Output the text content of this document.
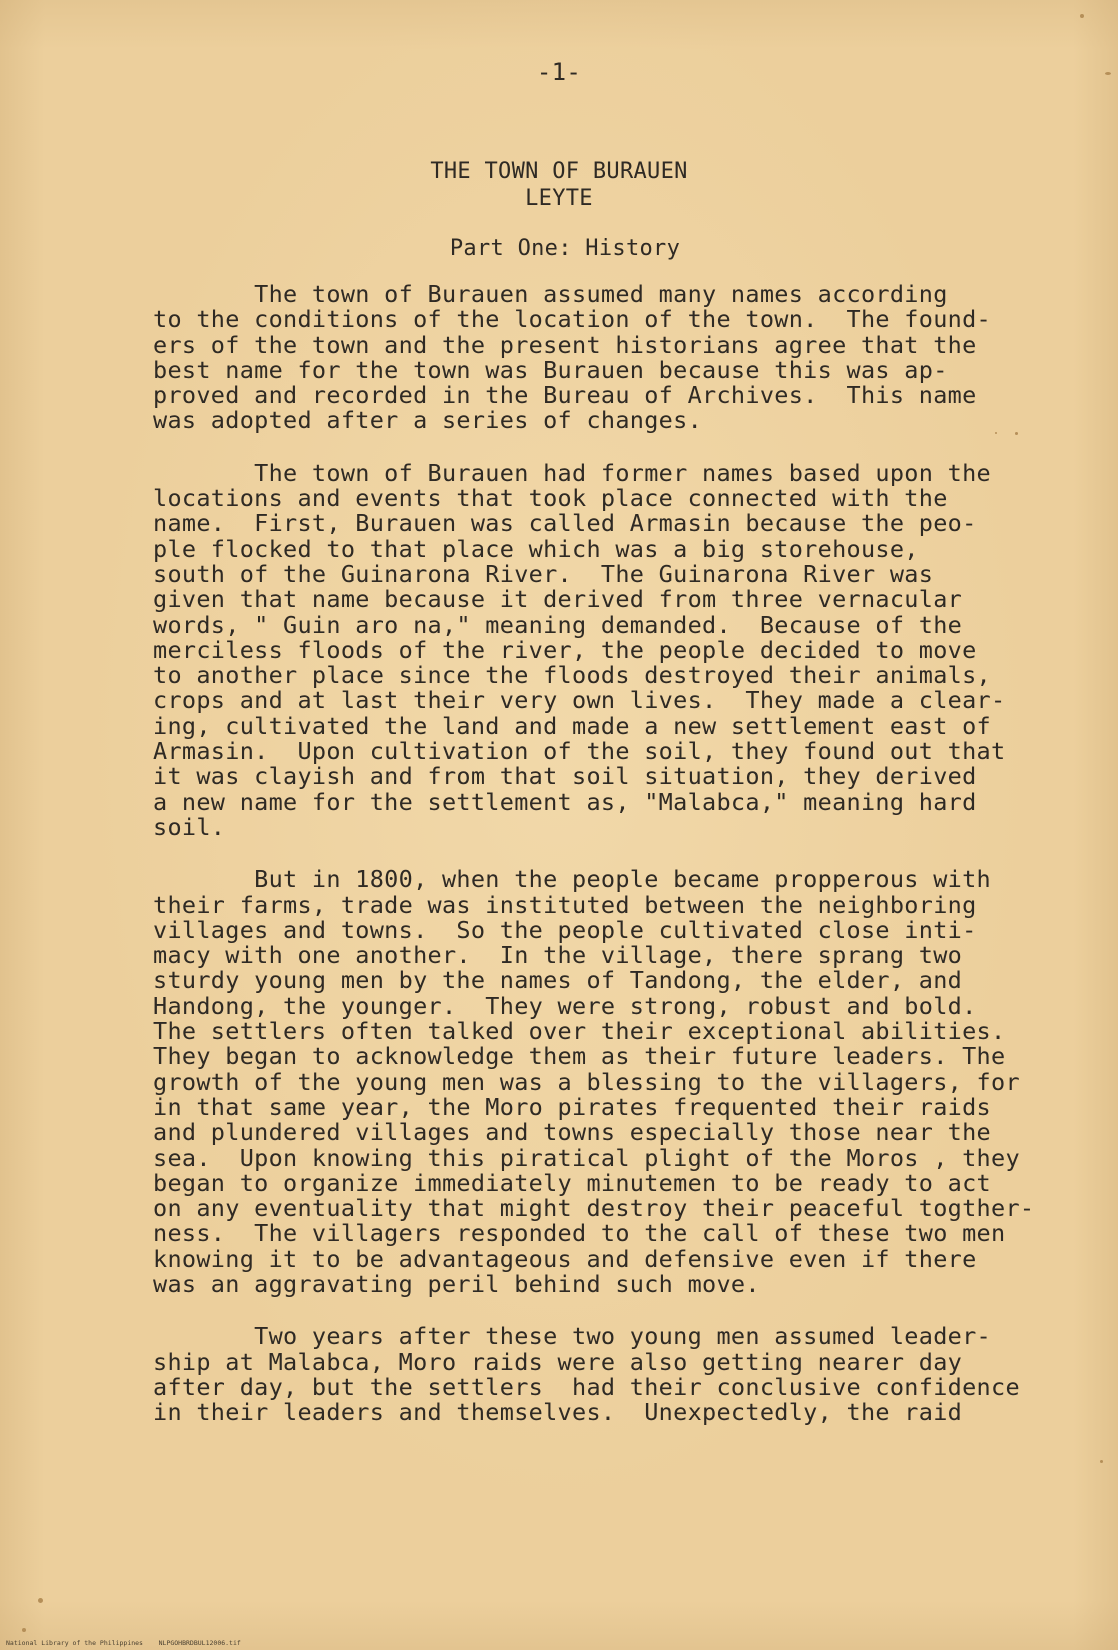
-1-
THE TOWN OF BURAUEN
LEYTE
Part One: History
The town of Burauen assumed many names according
to the conditions of the location of the town.  The found-
ers of the town and the present historians agree that the
best name for the town was Burauen because this was ap-
proved and recorded in the Bureau of Archives.  This name
was adopted after a series of changes.
The town of Burauen had former names based upon the
locations and events that took place connected with the
name.  First, Burauen was called Armasin because the peo-
ple flocked to that place which was a big storehouse,
south of the Guinarona River.  The Guinarona River was
given that name because it derived from three vernacular
words, " Guin aro na," meaning demanded.  Because of the
merciless floods of the river, the people decided to move
to another place since the floods destroyed their animals,
crops and at last their very own lives.  They made a clear-
ing, cultivated the land and made a new settlement east of
Armasin.  Upon cultivation of the soil, they found out that
it was clayish and from that soil situation, they derived
a new name for the settlement as, "Malabca," meaning hard
soil.
But in 1800, when the people became propperous with
their farms, trade was instituted between the neighboring
villages and towns.  So the people cultivated close inti-
macy with one another.  In the village, there sprang two
sturdy young men by the names of Tandong, the elder, and
Handong, the younger.  They were strong, robust and bold.
The settlers often talked over their exceptional abilities.
They began to acknowledge them as their future leaders. The
growth of the young men was a blessing to the villagers, for
in that same year, the Moro pirates frequented their raids
and plundered villages and towns especially those near the
sea.  Upon knowing this piratical plight of the Moros , they
began to organize immediately minutemen to be ready to act
on any eventuality that might destroy their peaceful togther-
ness.  The villagers responded to the call of these two men
knowing it to be advantageous and defensive even if there
was an aggravating peril behind such move.
Two years after these two young men assumed leader-
ship at Malabca, Moro raids were also getting nearer day
after day, but the settlers  had their conclusive confidence
in their leaders and themselves.  Unexpectedly, the raid
National Library of the Philippines    NLPGOHBRDBUL12006.tif
